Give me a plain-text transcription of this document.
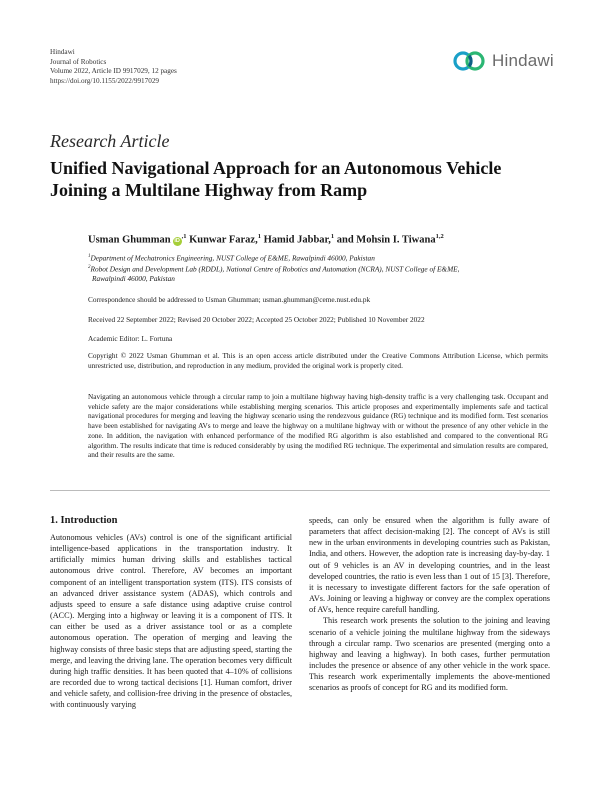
Hindawi
Journal of Robotics
Volume 2022, Article ID 9917029, 12 pages
https://doi.org/10.1155/2022/9917029
Hindawi
Research Article
Unified Navigational Approach for an Autonomous Vehicle Joining a Multilane Highway from Ramp
Usman Ghumman $iD^{,1}$ Kunwar Faraz,$^1$ Hamid Jabbar,$^1$ and Mohsin I. Tiwana$^{1,2}$
$^1$Department of Mechatronics Engineering, NUST College of E&ME, Rawalpindi 46000, Pakistan
$^2$Robot Design and Development Lab (RDDL), National Centre of Robotics and Automation (NCRA), NUST College of E&ME,
Rawalpindi 46000, Pakistan
Correspondence should be addressed to Usman Ghumman; usman.ghumman@ceme.nust.edu.pk
Received 22 September 2022; Revised 20 October 2022; Accepted 25 October 2022; Published 10 November 2022
Academic Editor: L. Fortuna
Copyright © 2022 Usman Ghumman et al. This is an open access article distributed under the Creative Commons Attribution License, which permits unrestricted use, distribution, and reproduction in any medium, provided the original work is properly cited.
Navigating an autonomous vehicle through a circular ramp to join a multilane highway having high-density traffic is a very challenging task. Occupant and vehicle safety are the major considerations while establishing merging scenarios. This article proposes and experimentally implements safe and tactical navigational procedures for merging and leaving the highway scenario using the rendezvous guidance (RG) technique and its modified form. Test scenarios have been established for navigating AVs to merge and leave the highway on a multilane highway with or without the presence of any other vehicle in the zone. In addition, the navigation with enhanced performance of the modified RG algorithm is also established and compared to the conventional RG algorithm. The results indicate that time is reduced considerably by using the modified RG technique. The experimental and simulation results are compared, and their results are the same.
1. Introduction

Autonomous vehicles (AVs) control is one of the significant artificial intelligence-based applications in the transportation industry. It artificially mimics human driving skills and establishes tactical autonomous drive control. Therefore, AV becomes an important component of an intelligent transportation system (ITS). ITS consists of an advanced driver assistance system (ADAS), which controls and adjusts speed to ensure a safe distance using adaptive cruise control (ACC). Merging into a highway or leaving it is a component of ITS. It can either be used as a driver assistance tool or as a complete autonomous operation. The operation of merging and leaving the highway consists of three basic steps that are adjusting speed, starting the merge, and leaving the driving lane. The operation becomes very difficult during high traffic densities. It has been quoted that 4–10% of collisions are recorded due to wrong tactical decisions [1]. Human comfort, driver and vehicle safety, and collision-free driving in the presence of obstacles, with continuously varying

speeds, can only be ensured when the algorithm is fully aware of parameters that affect decision-making [2]. The concept of AVs is still new in the urban environments in developing countries such as Pakistan, India, and others. However, the adoption rate is increasing day-by-day. 1 out of 9 vehicles is an AV in developing countries, and in the least developed countries, the ratio is even less than 1 out of 15 [3]. Therefore, it is necessary to investigate different factors for the safe operation of AVs. Joining or leaving a highway or convey are the complex operations of AVs, hence require carefull handling.

This research work presents the solution to the joining and leaving scenario of a vehicle joining the multilane highway from the sideways through a circular ramp. Two scenarios are presented (merging onto a highway and leaving a highway). In both cases, further permutation includes the presence or absence of any other vehicle in the work space. This research work experimentally implements the above-mentioned scenarios as proofs of concept for RG and its modified form.
